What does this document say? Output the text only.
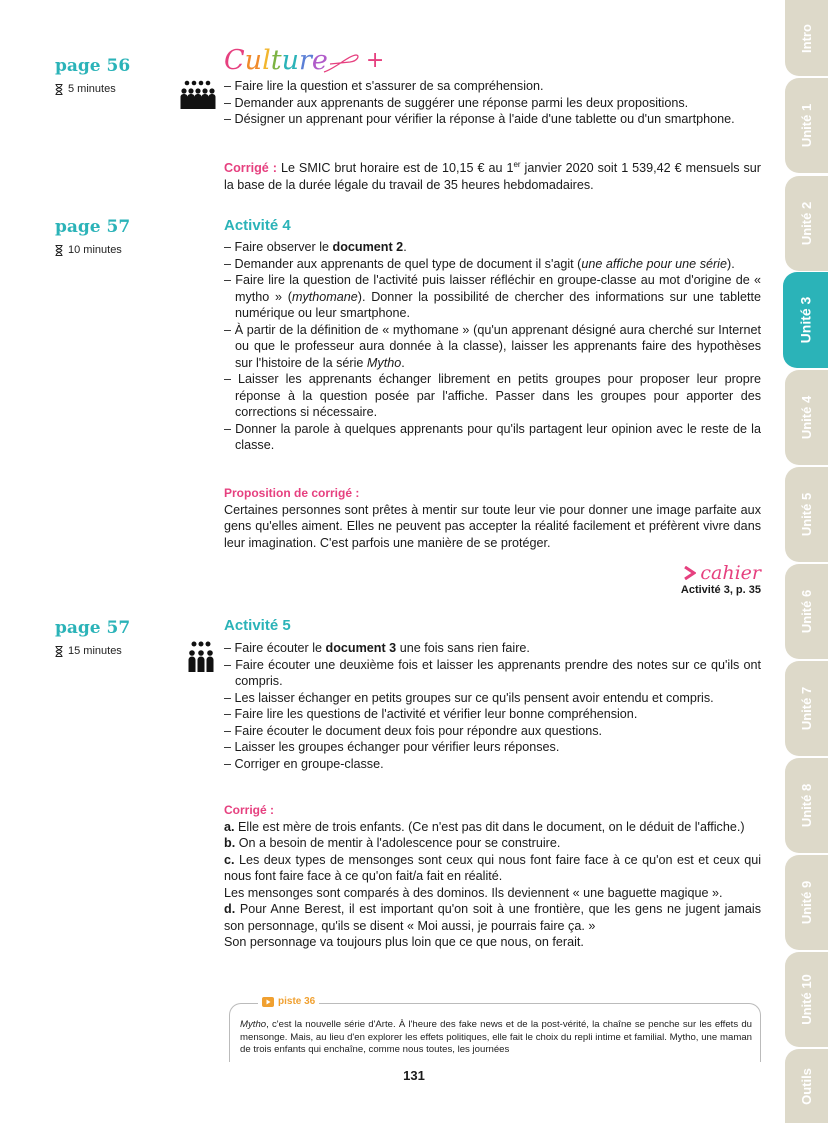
Intro
Unité 1
Unité 2
Unité 3
Unité 4
Unité 5
Unité 6
Unité 7
Unité 8
Unité 9
Unité 10
Outils
page 56
5 minutes
Culture +
– Faire lire la question et s'assurer de sa compréhension.
– Demander aux apprenants de suggérer une réponse parmi les deux propositions.
– Désigner un apprenant pour vérifier la réponse à l'aide d'une tablette ou d'un smartphone.
Corrigé : Le SMIC brut horaire est de 10,15 € au 1er janvier 2020 soit 1 539,42 € mensuels sur la base de la durée légale du travail de 35 heures hebdomadaires.
page 57
10 minutes
Activité 4
– Faire observer le document 2.
– Demander aux apprenants de quel type de document il s'agit (une affiche pour une série).
– Faire lire la question de l'activité puis laisser réfléchir en groupe-classe au mot d'origine de « mytho » (mythomane). Donner la possibilité de chercher des informations sur une tablette numérique ou leur smartphone.
– À partir de la définition de « mythomane » (qu'un apprenant désigné aura cherché sur Internet ou que le professeur aura donnée à la classe), laisser les apprenants faire des hypothèses sur l'histoire de la série Mytho.
– Laisser les apprenants échanger librement en petits groupes pour proposer leur propre réponse à la question posée par l'affiche. Passer dans les groupes pour apporter des corrections si nécessaire.
– Donner la parole à quelques apprenants pour qu'ils partagent leur opinion avec le reste de la classe.
Proposition de corrigé :
Certaines personnes sont prêtes à mentir sur toute leur vie pour donner une image parfaite aux gens qu'elles aiment. Elles ne peuvent pas accepter la réalité facilement et préfèrent vivre dans leur imagination. C'est parfois une manière de se protéger.
cahier
Activité 3, p. 35
page 57
15 minutes
Activité 5
– Faire écouter le document 3 une fois sans rien faire.
– Faire écouter une deuxième fois et laisser les apprenants prendre des notes sur ce qu'ils ont compris.
– Les laisser échanger en petits groupes sur ce qu'ils pensent avoir entendu et compris.
– Faire lire les questions de l'activité et vérifier leur bonne compréhension.
– Faire écouter le document deux fois pour répondre aux questions.
– Laisser les groupes échanger pour vérifier leurs réponses.
– Corriger en groupe-classe.
Corrigé :
a. Elle est mère de trois enfants. (Ce n'est pas dit dans le document, on le déduit de l'affiche.)
b. On a besoin de mentir à l'adolescence pour se construire.
c. Les deux types de mensonges sont ceux qui nous font faire face à ce qu'on est et ceux qui nous font faire face à ce qu'on fait/a fait en réalité.
Les mensonges sont comparés à des dominos. Ils deviennent « une baguette magique ».
d. Pour Anne Berest, il est important qu'on soit à une frontière, que les gens ne jugent jamais son personnage, qu'ils se disent « Moi aussi, je pourrais faire ça. »
Son personnage va toujours plus loin que ce que nous, on ferait.
piste 36
Mytho, c'est la nouvelle série d'Arte. À l'heure des fake news et de la post-vérité, la chaîne se penche sur les effets du mensonge. Mais, au lieu d'en explorer les effets politiques, elle fait le choix du repli intime et familial. Mytho, une maman de trois enfants qui enchaîne, comme nous toutes, les journées
131
